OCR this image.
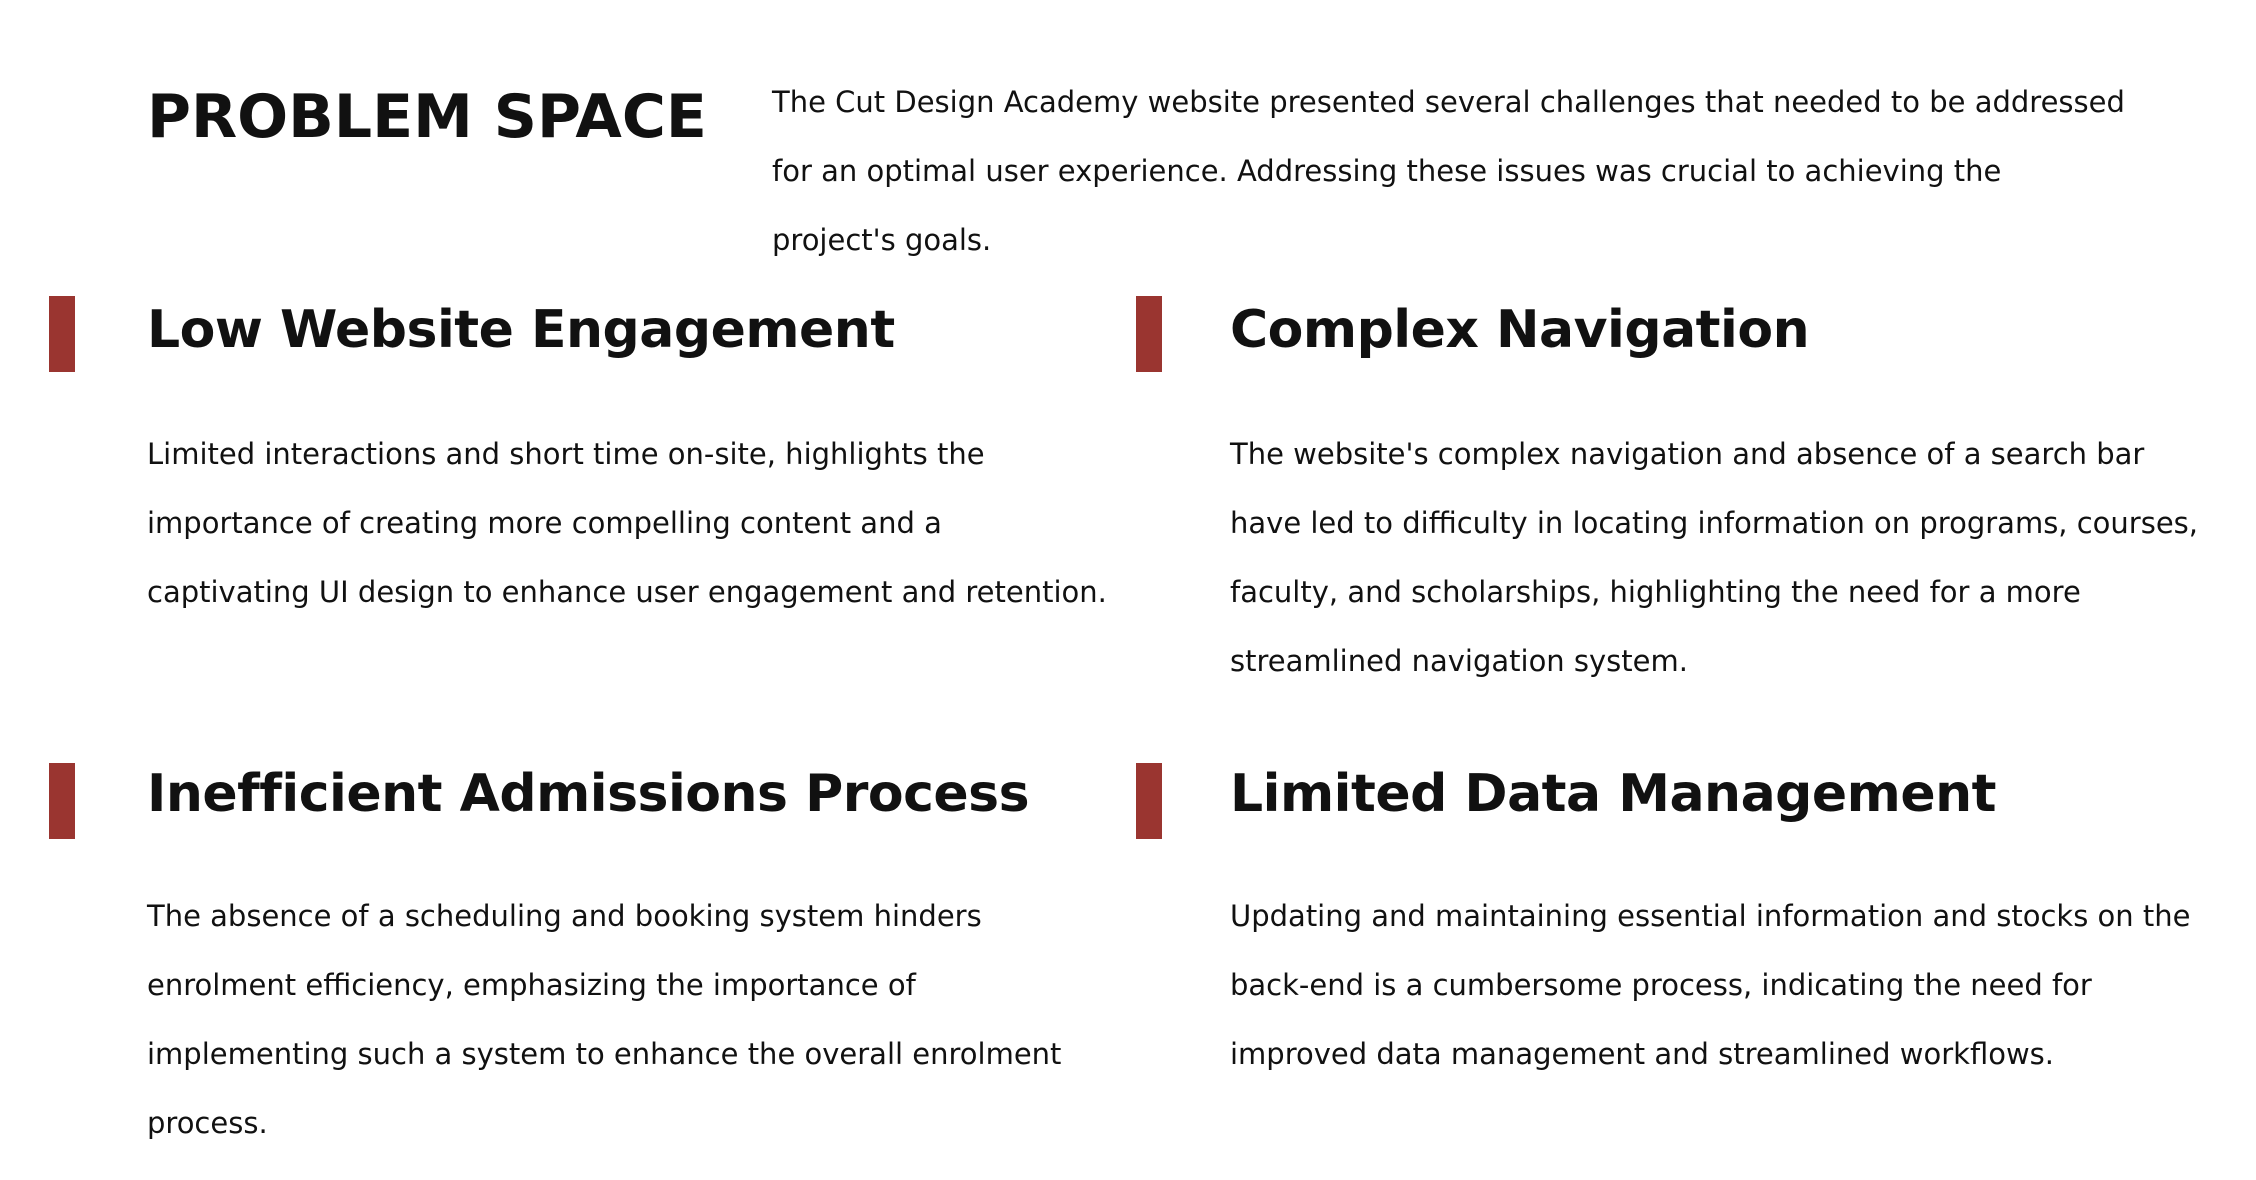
PROBLEM SPACE The Cut Design Academy website presented several challenges that needed to be addressed for an optimal user experience. Addressing these issues was crucial to achieving the project's goals.

Low Website Engagement

Limited interactions and short time on-site, highlights the importance of creating more compelling content and a captivating UI design to enhance user engagement and retention.

Complex Navigation

The website's complex navigation and absence of a search bar have led to difficulty in locating information on programs, courses, faculty, and scholarships, highlighting the need for a more streamlined navigation system.

Inefficient Admissions Process

The absence of a scheduling and booking system hinders enrolment efficiency, emphasizing the importance of implementing such a system to enhance the overall enrolment process.

Limited Data Management

Updating and maintaining essential information and stocks on the back-end is a cumbersome process, indicating the need for improved data management and streamlined workflows.
